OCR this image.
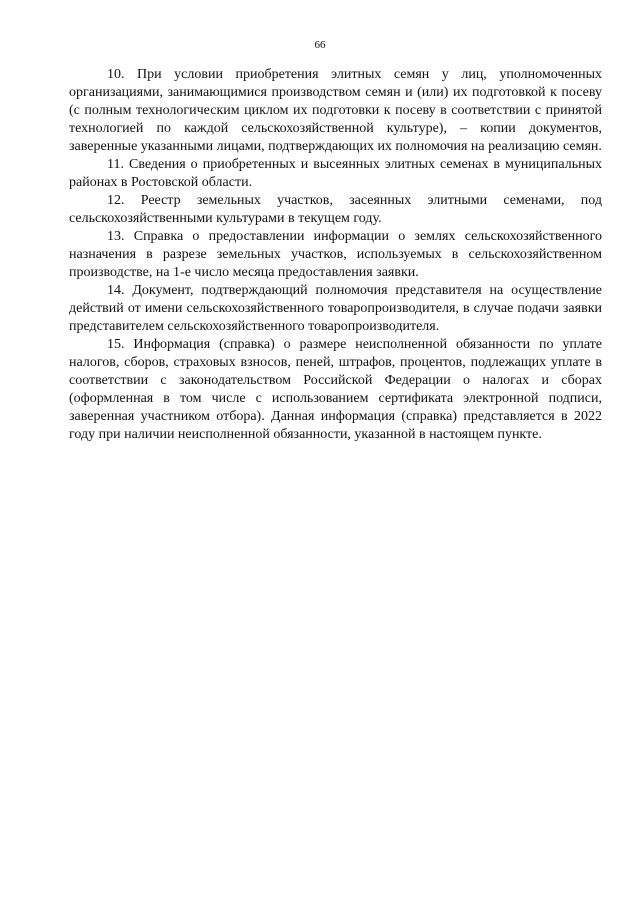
66

10. При условии приобретения элитных семян у лиц, уполномоченных организациями, занимающимися производством семян и (или) их подготовкой к посеву (с полным технологическим циклом их подготовки к посеву в соответствии с принятой технологией по каждой сельскохозяйственной культуре), – копии документов, заверенные указанными лицами, подтверждающих их полномочия на реализацию семян.

11. Сведения о приобретенных и высеянных элитных семенах в муниципальных районах в Ростовской области.

12. Реестр земельных участков, засеянных элитными семенами, под сельскохозяйственными культурами в текущем году.

13. Справка о предоставлении информации о землях сельскохозяйственного назначения в разрезе земельных участков, используемых в сельскохозяйственном производстве, на 1-е число месяца предоставления заявки.

14. Документ, подтверждающий полномочия представителя на осуществление действий от имени сельскохозяйственного товаропроизводителя, в случае подачи заявки представителем сельскохозяйственного товаропроизводителя.

15. Информация (справка) о размере неисполненной обязанности по уплате налогов, сборов, страховых взносов, пеней, штрафов, процентов, подлежащих уплате в соответствии с законодательством Российской Федерации о налогах и сборах (оформленная в том числе с использованием сертификата электронной подписи, заверенная участником отбора). Данная информация (справка) представляется в 2022 году при наличии неисполненной обязанности, указанной в настоящем пункте.
